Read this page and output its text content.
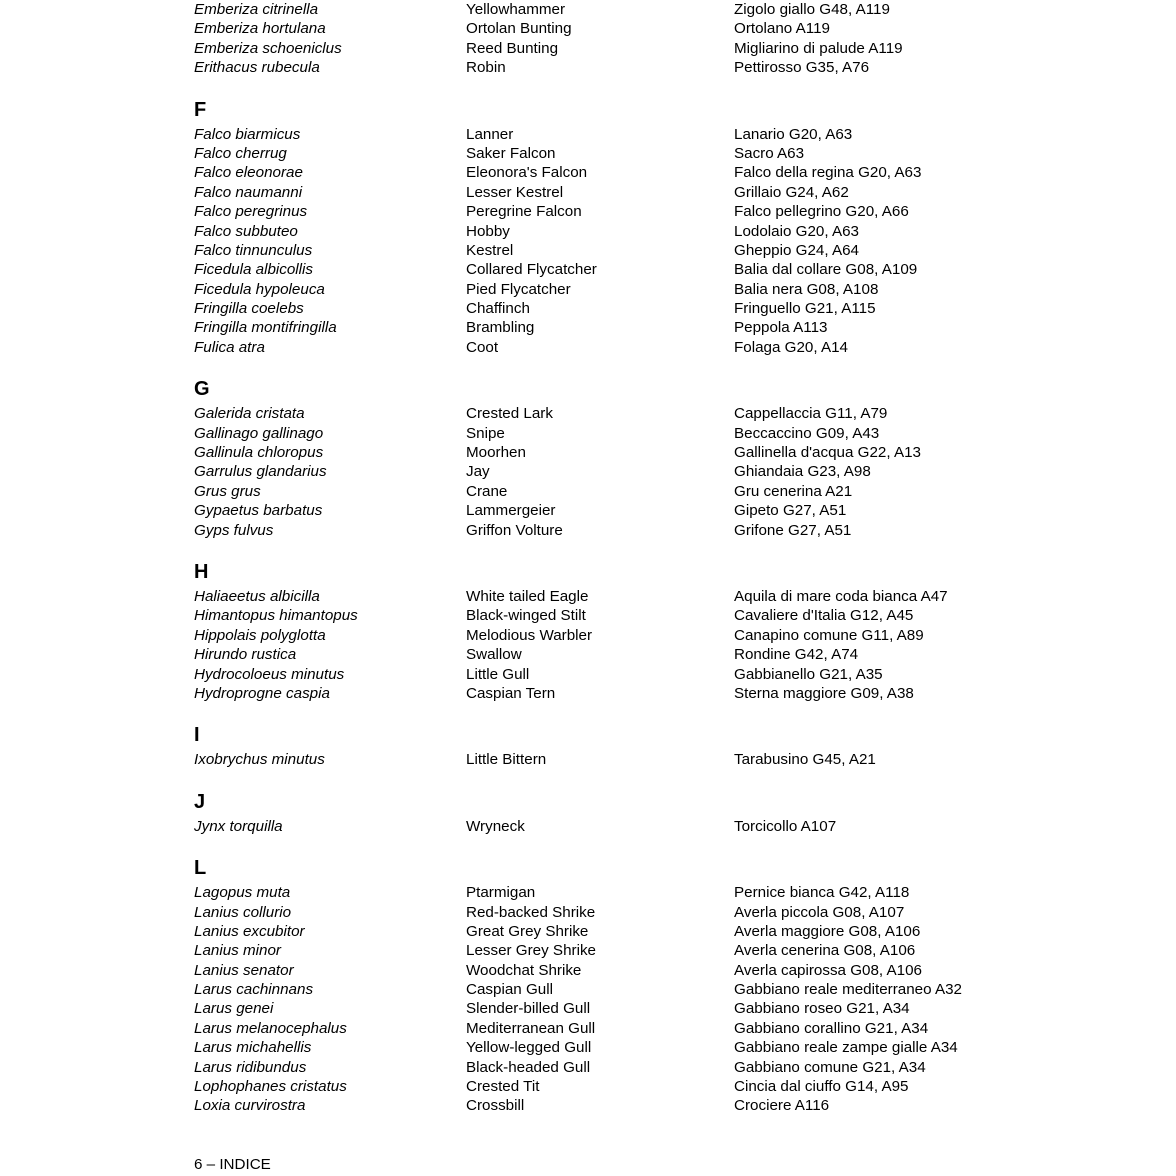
Emberiza citrinella	Yellowhammer	Zigolo giallo G48, A119
Emberiza hortulana	Ortolan Bunting	Ortolano A119
Emberiza schoeniclus	Reed Bunting	Migliarino di palude A119
Erithacus rubecula	Robin	Pettirosso G35, A76
F
Falco biarmicus	Lanner	Lanario G20, A63
Falco cherrug	Saker Falcon	Sacro A63
Falco eleonorae	Eleonora's Falcon	Falco della regina G20, A63
Falco naumanni	Lesser Kestrel	Grillaio G24, A62
Falco peregrinus	Peregrine Falcon	Falco pellegrino G20, A66
Falco subbuteo	Hobby	Lodolaio G20, A63
Falco tinnunculus	Kestrel	Gheppio G24, A64
Ficedula albicollis	Collared Flycatcher	Balia dal collare G08, A109
Ficedula hypoleuca	Pied Flycatcher	Balia nera G08, A108
Fringilla coelebs	Chaffinch	Fringuello G21, A115
Fringilla montifringilla	Brambling	Peppola A113
Fulica atra	Coot	Folaga G20, A14
G
Galerida cristata	Crested Lark	Cappellaccia G11, A79
Gallinago gallinago	Snipe	Beccaccino G09, A43
Gallinula chloropus	Moorhen	Gallinella d'acqua G22, A13
Garrulus glandarius	Jay	Ghiandaia G23, A98
Grus grus	Crane	Gru cenerina A21
Gypaetus barbatus	Lammergeier	Gipeto G27, A51
Gyps fulvus	Griffon Volture	Grifone G27, A51
H
Haliaeetus albicilla	White tailed Eagle	Aquila di mare coda bianca A47
Himantopus himantopus	Black-winged Stilt	Cavaliere d'Italia G12, A45
Hippolais polyglotta	Melodious Warbler	Canapino comune G11, A89
Hirundo rustica	Swallow	Rondine G42, A74
Hydrocoloeus minutus	Little Gull	Gabbianello G21, A35
Hydroprogne caspia	Caspian Tern	Sterna maggiore G09, A38
I
Ixobrychus minutus	Little Bittern	Tarabusino G45, A21
J
Jynx torquilla	Wryneck	Torcicollo A107
L
Lagopus muta	Ptarmigan	Pernice bianca G42, A118
Lanius collurio	Red-backed Shrike	Averla piccola G08, A107
Lanius excubitor	Great Grey Shrike	Averla maggiore G08, A106
Lanius minor	Lesser Grey Shrike	Averla cenerina G08, A106
Lanius senator	Woodchat Shrike	Averla capirossa G08, A106
Larus cachinnans	Caspian Gull	Gabbiano reale mediterraneo A32
Larus genei	Slender-billed Gull	Gabbiano roseo G21, A34
Larus melanocephalus	Mediterranean Gull	Gabbiano corallino G21, A34
Larus michahellis	Yellow-legged Gull	Gabbiano reale zampe gialle A34
Larus ridibundus	Black-headed Gull	Gabbiano comune G21, A34
Lophophanes cristatus	Crested Tit	Cincia dal ciuffo G14, A95
Loxia curvirostra	Crossbill	Crociere A116
6 – INDICE
